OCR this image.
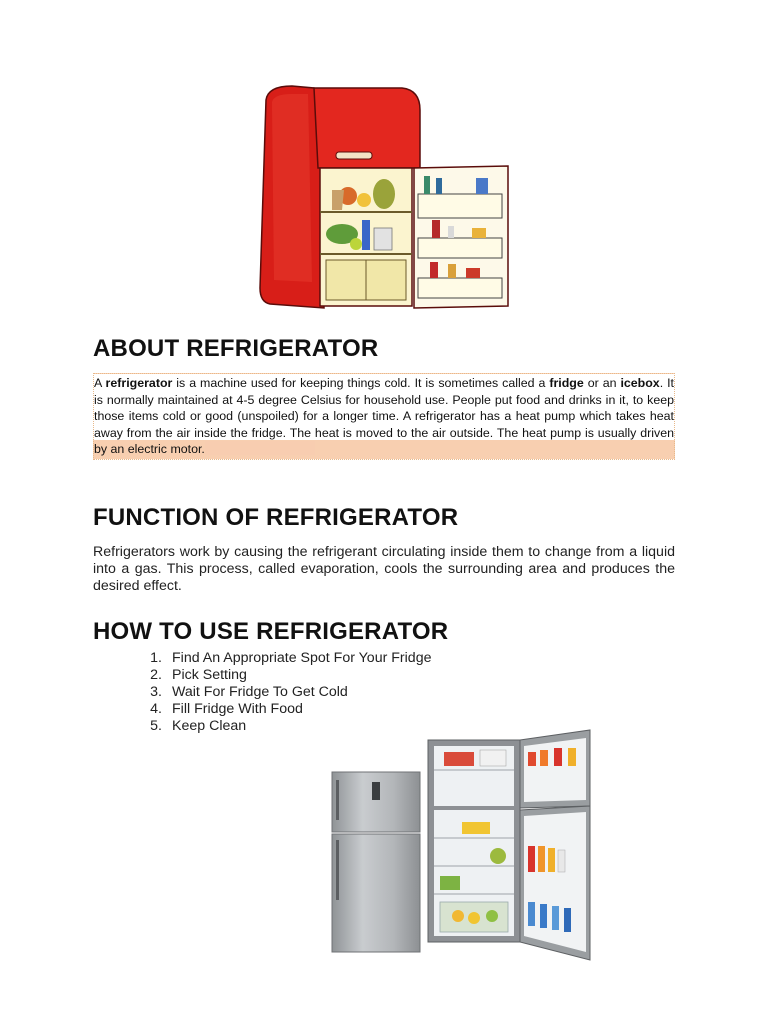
ABOUT REFRIGERATOR

A refrigerator is a machine used for keeping things cold. It is sometimes called a fridge or an icebox. It is normally maintained at 4-5 degree Celsius for household use. People put food and drinks in it, to keep those items cold or good (unspoiled) for a longer time. A refrigerator has a heat pump which takes heat away from the air inside the fridge. The heat is moved to the air outside. The heat pump is usually driven by an electric motor.

FUNCTION OF REFRIGERATOR

Refrigerators work by causing the refrigerant circulating inside them to change from a liquid into a gas. This process, called evaporation, cools the surrounding area and produces the desired effect.

HOW TO USE REFRIGERATOR
1. Find An Appropriate Spot For Your Fridge
2. Pick Setting
3. Wait For Fridge To Get Cold
4. Fill Fridge With Food
5. Keep Clean
